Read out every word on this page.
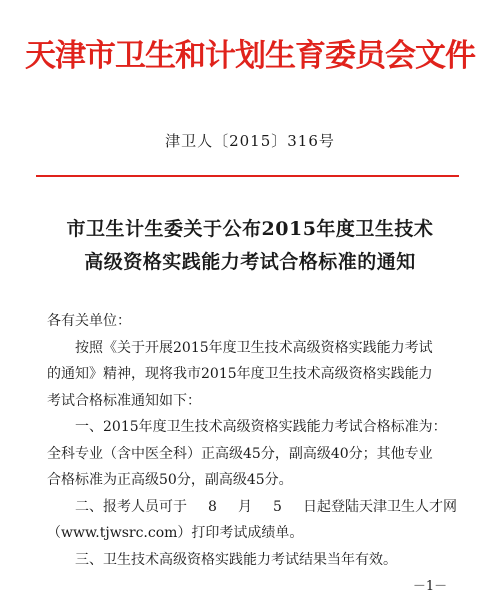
天津市卫生和计划生育委员会文件
津卫人〔2015〕316号
市卫生计生委关于公布2015年度卫生技术
高级资格实践能力考试合格标准的通知

各有关单位：

按照《关于开展2015年度卫生技术高级资格实践能力考试

的通知》精神，现将我市2015年度卫生技术高级资格实践能力

考试合格标准通知如下：

一、2015年度卫生技术高级资格实践能力考试合格标准为：

全科专业（含中医全科）正高级45分，副高级40分；其他专业

合格标准为正高级50分，副高级45分。

二、报考人员可于 8 月 5 日起登陆天津卫生人才网

（www.tjwsrc.com）打印考试成绩单。

三、卫生技术高级资格实践能力考试结果当年有效。

－1－
